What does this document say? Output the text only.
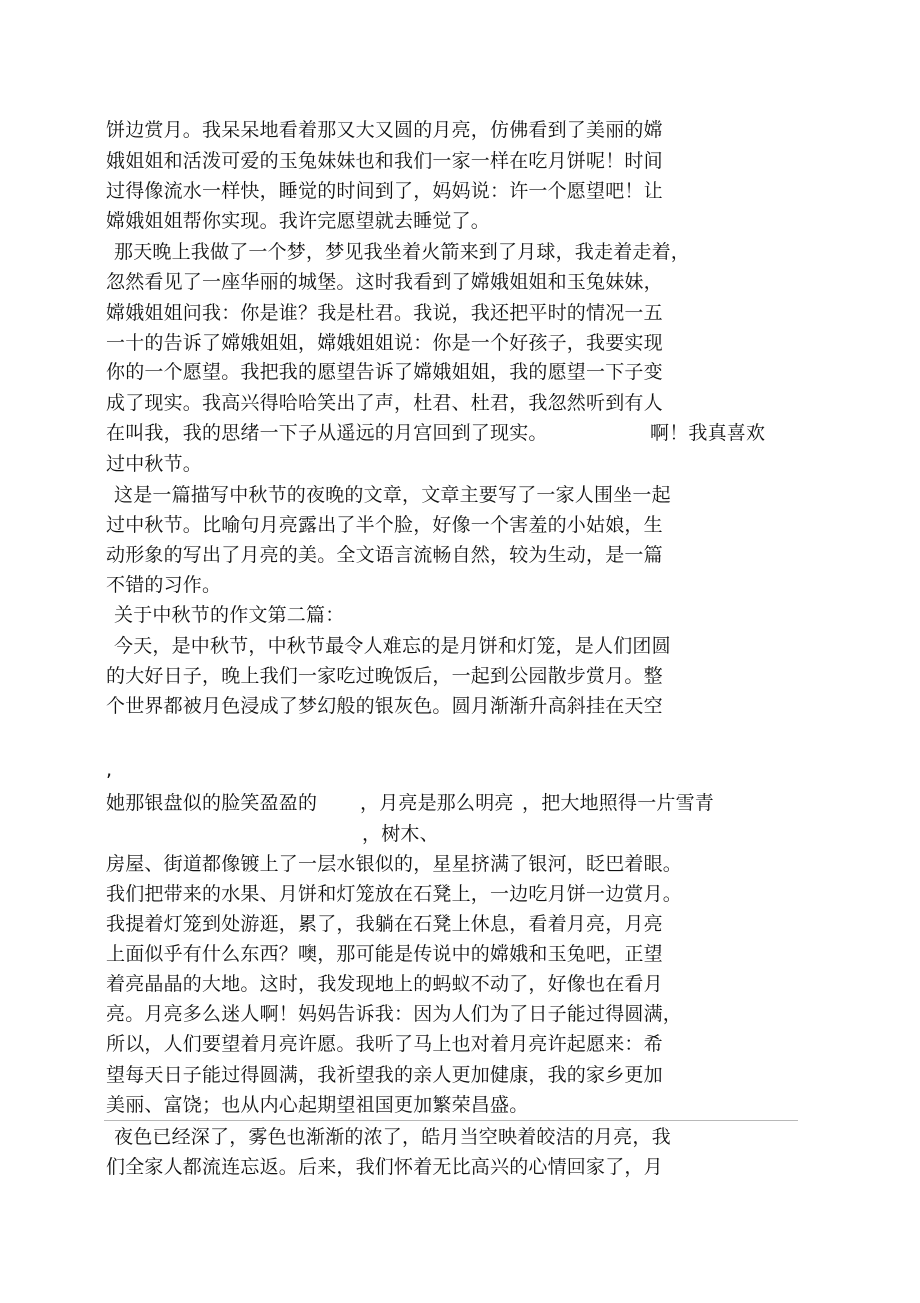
饼边赏月。我呆呆地看着那又大又圆的月亮，仿佛看到了美丽的嫦
娥姐姐和活泼可爱的玉兔妹妹也和我们一家一样在吃月饼呢！时间
过得像流水一样快，睡觉的时间到了，妈妈说：许一个愿望吧！让
嫦娥姐姐帮你实现。我许完愿望就去睡觉了。
那天晚上我做了一个梦，梦见我坐着火箭来到了月球，我走着走着，
忽然看见了一座华丽的城堡。这时我看到了嫦娥姐姐和玉兔妹妹，
嫦娥姐姐问我：你是谁？我是杜君。我说，我还把平时的情况一五
一十的告诉了嫦娥姐姐，嫦娥姐姐说：你是一个好孩子，我要实现
你的一个愿望。我把我的愿望告诉了嫦娥姐姐，我的愿望一下子变
成了现实。我高兴得哈哈笑出了声，杜君、杜君，我忽然听到有人
在叫我，我的思绪一下子从遥远的月宫回到了现实。	啊！我真喜欢
过中秋节。
这是一篇描写中秋节的夜晚的文章，文章主要写了一家人围坐一起
过中秋节。比喻句月亮露出了半个脸，好像一个害羞的小姑娘，生
动形象的写出了月亮的美。全文语言流畅自然，较为生动，是一篇
不错的习作。
关于中秋节的作文第二篇：
今天，是中秋节，中秋节最令人难忘的是月饼和灯笼，是人们团圆
的大好日子，晚上我们一家吃过晚饭后，一起到公园散步赏月。整
个世界都被月色浸成了梦幻般的银灰色。圆月渐渐升高斜挂在天空
,
她那银盘似的脸笑盈盈的 ，月亮是那么明亮 ，把大地照得一片雪青
，树木、
房屋、街道都像镀上了一层水银似的，星星挤满了银河，眨巴着眼。
我们把带来的水果、月饼和灯笼放在石凳上，一边吃月饼一边赏月。
我提着灯笼到处游逛，累了，我躺在石凳上休息，看着月亮，月亮
上面似乎有什么东西？噢，那可能是传说中的嫦娥和玉兔吧，正望
着亮晶晶的大地。这时，我发现地上的蚂蚁不动了，好像也在看月
亮。月亮多么迷人啊！妈妈告诉我：因为人们为了日子能过得圆满，
所以，人们要望着月亮许愿。我听了马上也对着月亮许起愿来：希
望每天日子能过得圆满，我祈望我的亲人更加健康，我的家乡更加
美丽、富饶；也从内心起期望祖国更加繁荣昌盛。
夜色已经深了，雾色也渐渐的浓了，皓月当空映着皎洁的月亮，我
们全家人都流连忘返。后来，我们怀着无比高兴的心情回家了，月
